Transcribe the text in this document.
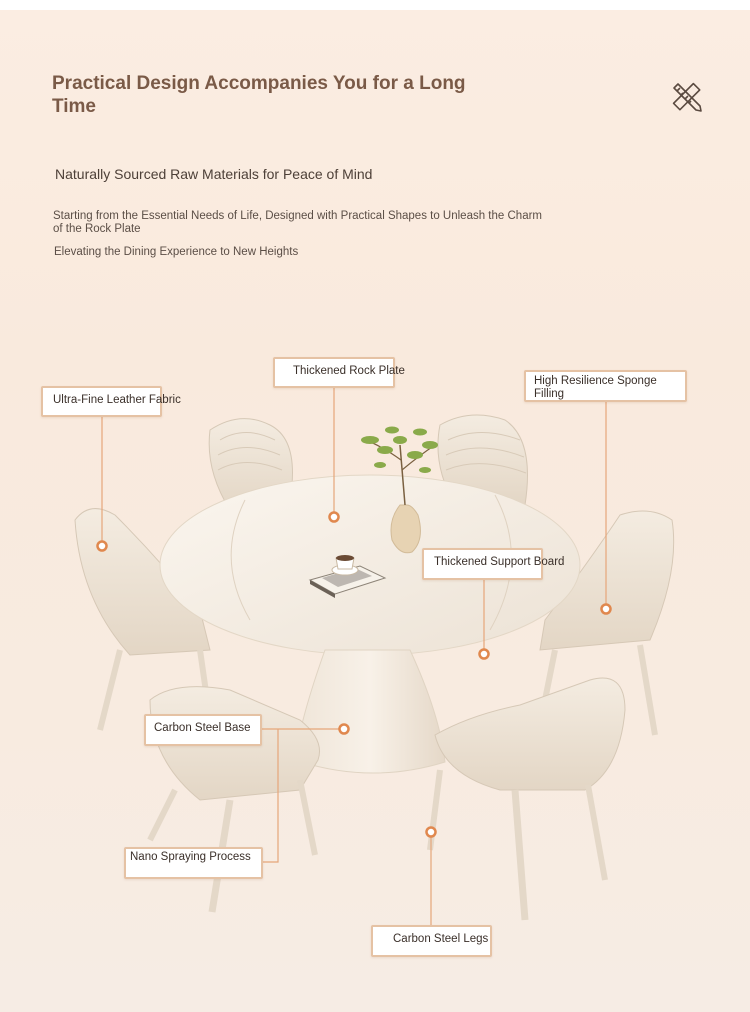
Practical Design Accompanies You for a Long Time
Naturally Sourced Raw Materials for Peace of Mind
Starting from the Essential Needs of Life, Designed with Practical Shapes to Unleash the Charm of the Rock Plate
Elevating the Dining Experience to New Heights
Thickened Rock Plate
Ultra-Fine Leather Fabric
High Resilience Sponge Filling
Thickened Support Board
Carbon Steel Base
Nano Spraying Process
Carbon Steel Legs
